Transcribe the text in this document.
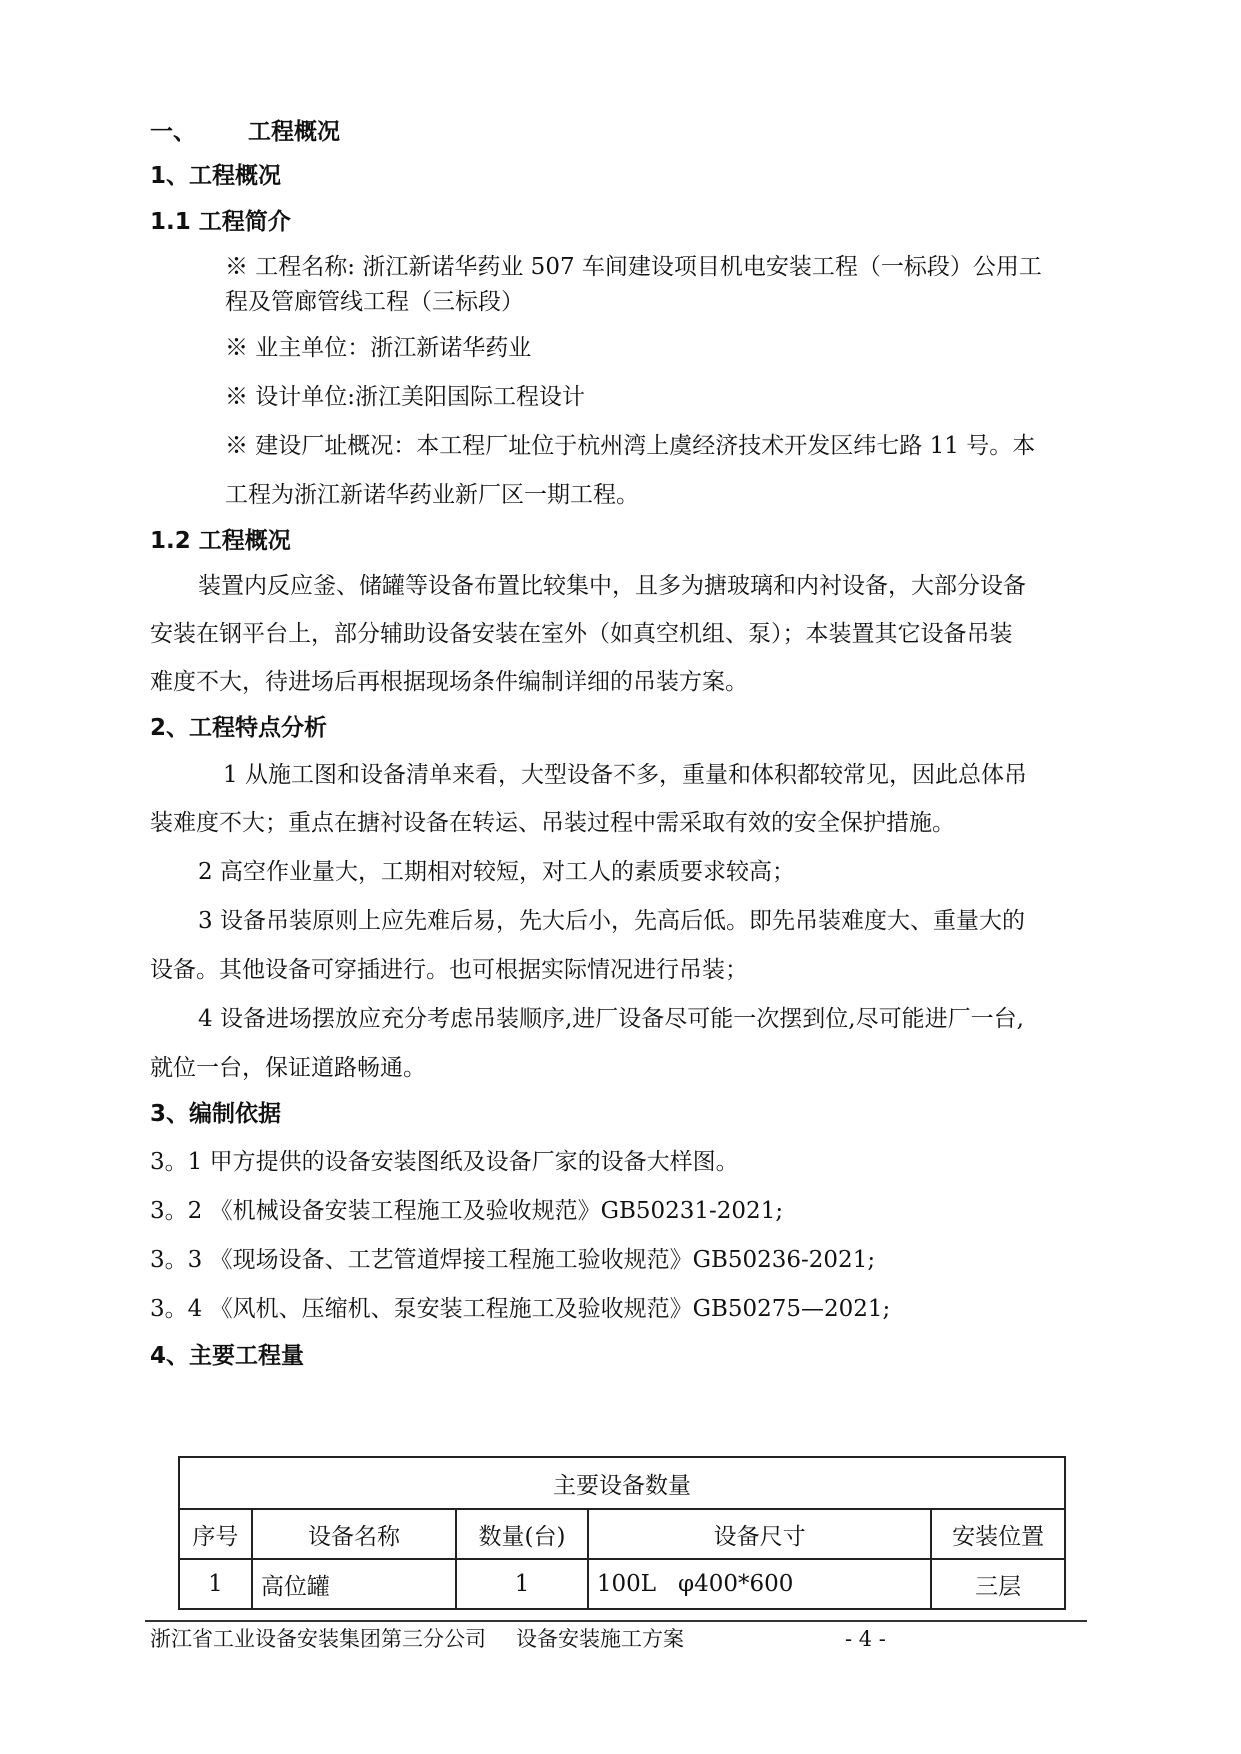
一、 工程概况
1、工程概况
1.1 工程简介
※ 工程名称: 浙江新诺华药业 507 车间建设项目机电安装工程（一标段）公用工
程及管廊管线工程（三标段）
※ 业主单位：浙江新诺华药业
※ 设计单位:浙江美阳国际工程设计
※ 建设厂址概况：本工程厂址位于杭州湾上虞经济技术开发区纬七路 11 号。本
工程为浙江新诺华药业新厂区一期工程。
1.2 工程概况
装置内反应釜、储罐等设备布置比较集中，且多为搪玻璃和内衬设备，大部分设备
安装在钢平台上，部分辅助设备安装在室外（如真空机组、泵）；本装置其它设备吊装
难度不大，待进场后再根据现场条件编制详细的吊装方案。
2、工程特点分析
1 从施工图和设备清单来看，大型设备不多，重量和体积都较常见，因此总体吊
装难度不大；重点在搪衬设备在转运、吊装过程中需采取有效的安全保护措施。
2 高空作业量大，工期相对较短，对工人的素质要求较高；
3 设备吊装原则上应先难后易，先大后小，先高后低。即先吊装难度大、重量大的
设备。其他设备可穿插进行。也可根据实际情况进行吊装；
4 设备进场摆放应充分考虑吊装顺序,进厂设备尽可能一次摆到位,尽可能进厂一台,
就位一台，保证道路畅通。
3、编制依据
3。1 甲方提供的设备安装图纸及设备厂家的设备大样图。
3。2 《机械设备安装工程施工及验收规范》GB50231-2021;
3。3 《现场设备、工艺管道焊接工程施工验收规范》GB50236-2021;
3。4 《风机、压缩机、泵安装工程施工及验收规范》GB50275—2021;
4、主要工程量
主要设备数量				
序号	设备名称	数量(台)	设备尺寸	安装位置
1	高位罐	1	100L   φ400*600	三层
浙江省工业设备安装集团第三分公司 设备安装施工方案	- 4 -
